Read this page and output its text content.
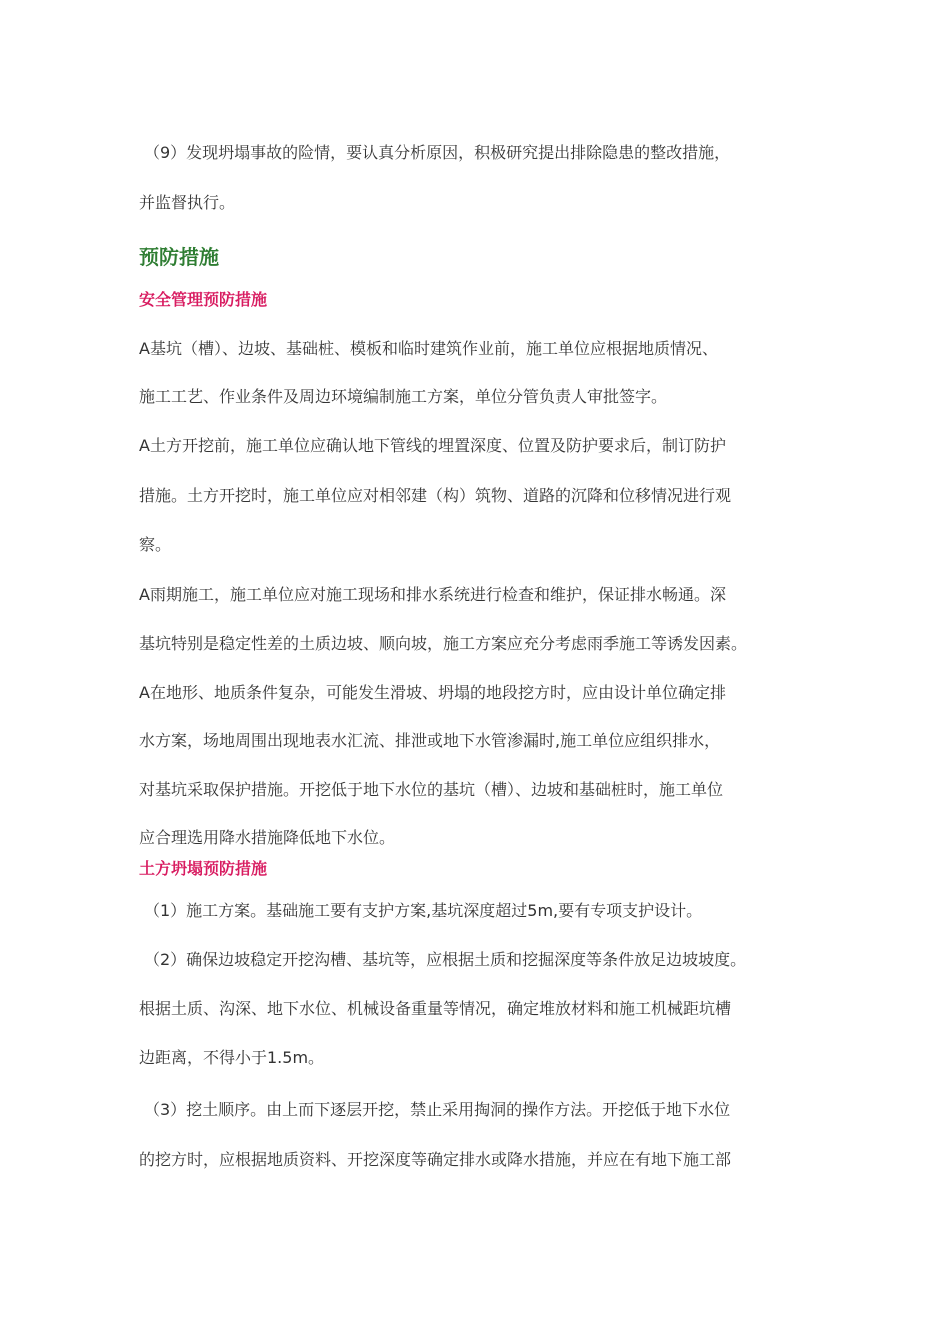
（9）发现坍塌事故的险情，要认真分析原因，积极研究提出排除隐患的整改措施，
并监督执行。
预防措施
安全管理预防措施
A基坑（槽）、边坡、基础桩、模板和临时建筑作业前，施工单位应根据地质情况、
施工工艺、作业条件及周边环境编制施工方案，单位分管负责人审批签字。
A土方开挖前，施工单位应确认地下管线的埋置深度、位置及防护要求后，制订防护
措施。土方开挖时，施工单位应对相邻建（构）筑物、道路的沉降和位移情况进行观
察。
A雨期施工，施工单位应对施工现场和排水系统进行检查和维护，保证排水畅通。深
基坑特别是稳定性差的土质边坡、顺向坡，施工方案应充分考虑雨季施工等诱发因素。
A在地形、地质条件复杂，可能发生滑坡、坍塌的地段挖方时，应由设计单位确定排
水方案，场地周围出现地表水汇流、排泄或地下水管渗漏时,施工单位应组织排水，
对基坑采取保护措施。开挖低于地下水位的基坑（槽）、边坡和基础桩时，施工单位
应合理选用降水措施降低地下水位。
土方坍塌预防措施
（1）施工方案。基础施工要有支护方案,基坑深度超过5m,要有专项支护设计。
（2）确保边坡稳定开挖沟槽、基坑等，应根据土质和挖掘深度等条件放足边坡坡度。
根据土质、沟深、地下水位、机械设备重量等情况，确定堆放材料和施工机械距坑槽
边距离，不得小于1.5m。
（3）挖土顺序。由上而下逐层开挖，禁止采用掏洞的操作方法。开挖低于地下水位
的挖方时，应根据地质资料、开挖深度等确定排水或降水措施，并应在有地下施工部
